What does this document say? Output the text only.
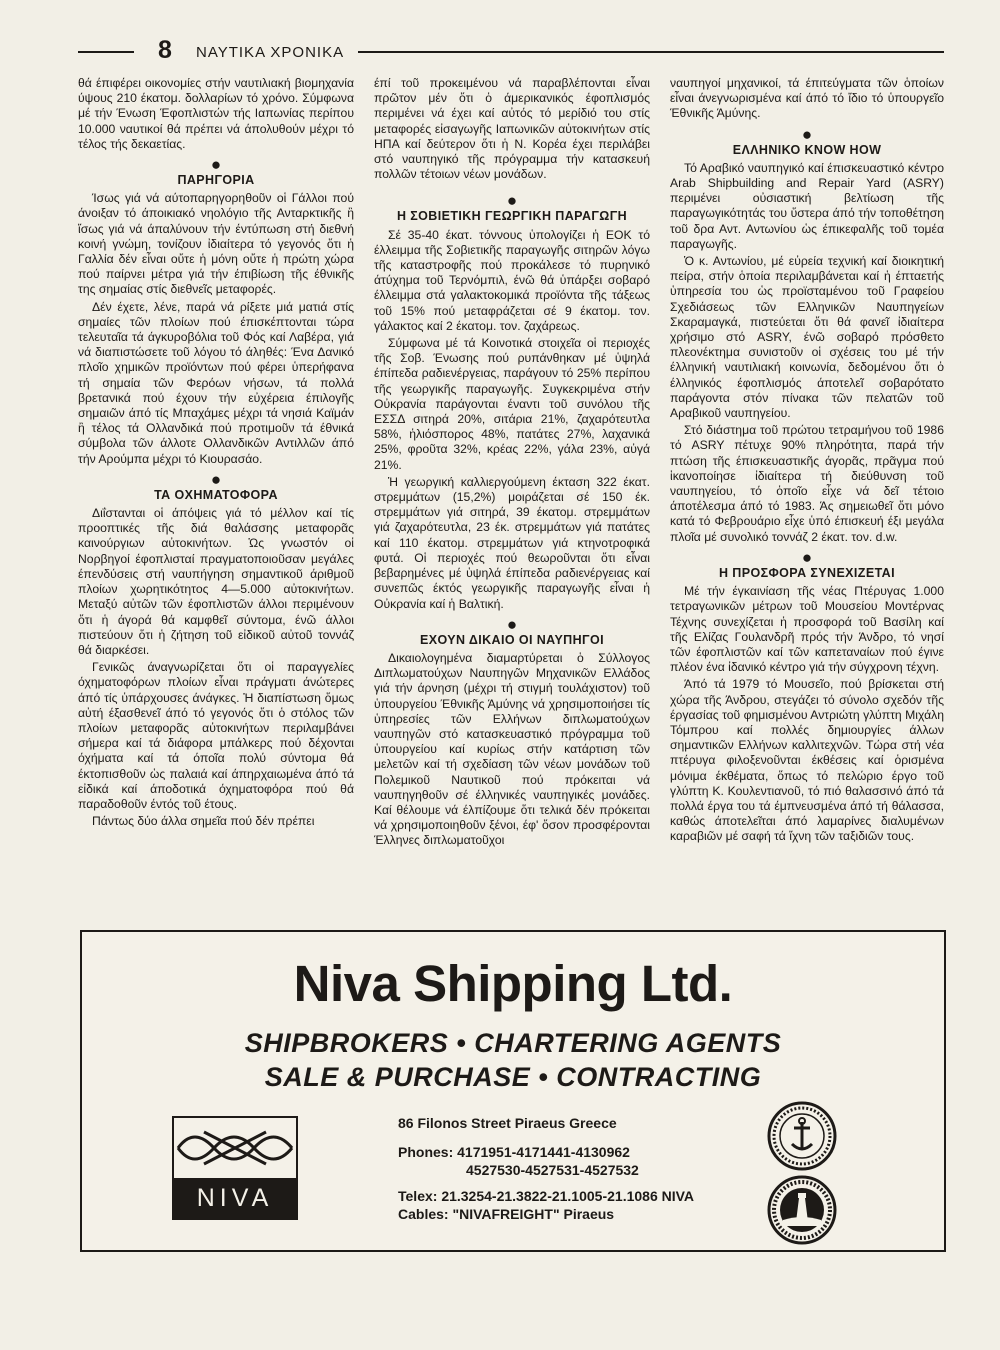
8 ΝΑΥΤΙΚΑ ΧΡΟΝΙΚΑ

θά έπιφέρει οικονομίες στήν ναυτιλιακή βιομηχανία ύψους 210 έκατομ. δολλαρίων τό χρόνο. Σύμφωνα μέ τήν Ένωση Έφοπλιστών τής Ιαπωνίας περίπου 10.000 ναυτικοί θά πρέπει νά άπολυθούν μέχρι τό τέλος τής δεκαετίας.

●
ΠΑΡΗΓΟΡΙΑ

Ίσως γιά νά αύτοπαρηγορηθοῦν οἱ Γάλλοι πού άνοιξαν τό άποικιακό νηολόγιο τῆς Ανταρκτικῆς ἢ ἴσως γιά νά άπαλύνουν τήν έντύπωση στή διεθνή κοινή γνώμη, τονίζουν ἰδιαίτερα τό γεγονός ὅτι ἡ Γαλλία δέν εἶναι οὔτε ἡ μόνη οὔτε ἡ πρώτη χώρα πού παίρνει μέτρα γιά τήν έπιβίωση τῆς έθνικῆς της σημαίας στίς διεθνεῖς μεταφορές.

Δέν έχετε, λένε, παρά νά ρίξετε μιά ματιά στίς σημαίες τῶν πλοίων πού έπισκέπτονται τώρα τελευταῖα τά άγκυροβόλια τοῦ Φός καί Λαβέρα, γιά νά διαπιστώσετε τοῦ λόγου τό άληθές: Ένα Δανικό πλοῖο χημικῶν προϊόντων πού φέρει ὑπερήφανα τή σημαία τῶν Φερόων νήσων, τά πολλά βρετανικά πού έχουν τήν εὐχέρεια έπιλογῆς σημαιῶν άπό τίς Μπαχάμες μέχρι τά νησιά Καϊμάν ἢ τέλος τά Ολλανδικά πού προτιμοῦν τά έθνικά σύμβολα τῶν άλλοτε Ολλανδικῶν Αντιλλῶν άπό τήν Αρούμπα μέχρι τό Κιουρασάο.

●
ΤΑ ΟΧΗΜΑΤΟΦΟΡΑ

Διΐστανται οἱ άπόψεις γιά τό μέλλον καί τίς προοπτικές τῆς διά θαλάσσης μεταφορᾶς καινούργιων αὐτοκινήτων. Ὡς γνωστόν οἱ Νορβηγοί έφοπλισταί πραγματοποιοῦσαν μεγάλες έπενδύσεις στή ναυπήγηση σημαντικοῦ άριθμοῦ πλοίων χωρητικότητος 4—5.000 αὐτοκινήτων. Μεταξύ αὐτῶν τῶν έφοπλιστῶν άλλοι περιμένουν ὅτι ἡ άγορά θά καμφθεῖ σύντομα, ένῶ άλλοι πιστεύουν ὅτι ἡ ζήτηση τοῦ εἰδικοῦ αὐτοῦ τοννάζ θά διαρκέσει.

Γενικῶς άναγνωρίζεται ὅτι οἱ παραγγελίες όχηματοφόρων πλοίων εἶναι πράγματι άνώτερες άπό τίς ὑπάρχουσες άνάγκες. Ἡ διαπίστωση ὅμως αὐτή έξασθενεῖ άπό τό γεγονός ὅτι ὁ στόλος τῶν πλοίων μεταφορᾶς αὐτοκινήτων περιλαμβάνει σήμερα καί τά διάφορα μπάλκερς πού δέχονται όχήματα καί τά όποῖα πολύ σύντομα θά έκτοπισθοῦν ὡς παλαιά καί άπηρχαιωμένα άπό τά εἰδικά καί άποδοτικά όχηματοφόρα πού θά παραδοθοῦν έντός τοῦ έτους.

Πάντως δύο άλλα σημεῖα πού δέν πρέπει

έπί τοῦ προκειμένου νά παραβλέπονται εἶναι πρῶτον μέν ὅτι ὁ άμερικανικός έφοπλισμός περιμένει νά έχει καί αὐτός τό μερίδιό του στίς μεταφορές εἰσαγωγῆς Ιαπωνικῶν αὐτοκινήτων στίς ΗΠΑ καί δεύτερον ὅτι ἡ Ν. Κορέα έχει περιλάβει στό ναυπηγικό τῆς πρόγραμμα τήν κατασκευή πολλῶν τέτοιων νέων μονάδων.

●
Η ΣΟΒΙΕΤΙΚΗ ΓΕΩΡΓΙΚΗ ΠΑΡΑΓΩΓΗ

Σέ 35-40 έκατ. τόννους ὑπολογίζει ἡ ΕΟΚ τό έλλειμμα τῆς Σοβιετικῆς παραγωγῆς σιτηρῶν λόγω τῆς καταστροφῆς πού προκάλεσε τό πυρηνικό άτύχημα τοῦ Τερνόμπιλ, ένῶ θά ὑπάρξει σοβαρό έλλειμμα στά γαλακτοκομικά προϊόντα τῆς τάξεως τοῦ 15% πού μεταφράζεται σέ 9 έκατομ. τον. γάλακτος καί 2 έκατομ. τον. ζαχάρεως.

Σύμφωνα μέ τά Κοινοτικά στοιχεῖα οἱ περιοχές τῆς Σοβ. Ένωσης πού ρυπάνθηκαν μέ ὑψηλά έπίπεδα ραδιενέργειας, παράγουν τό 25% περίπου τῆς γεωργικῆς παραγωγῆς. Συγκεκριμένα στήν Οὐκρανία παράγονται έναντι τοῦ συνόλου τῆς ΕΣΣΔ σιτηρά 20%, σιτάρια 21%, ζαχαρότευτλα 58%, ἡλιόσπορος 48%, πατάτες 27%, λαχανικά 25%, φροῦτα 32%, κρέας 22%, γάλα 23%, αὐγά 21%.

Ἡ γεωργική καλλιεργούμενη έκταση 322 έκατ. στρεμμάτων (15,2%) μοιράζεται σέ 150 έκ. στρεμμάτων γιά σιτηρά, 39 έκατομ. στρεμμάτων γιά ζαχαρότευτλα, 23 έκ. στρεμμάτων γιά πατάτες καί 110 έκατομ. στρεμμάτων γιά κτηνοτροφικά φυτά. Οἱ περιοχές πού θεωροῦνται ὅτι εἶναι βεβαρημένες μέ ὑψηλά έπίπεδα ραδιενέργειας καί συνεπῶς έκτός γεωργικῆς παραγωγῆς εἶναι ἡ Οὐκρανία καί ἡ Βαλτική.

●
ΕΧΟΥΝ ΔΙΚΑΙΟ ΟΙ ΝΑΥΠΗΓΟΙ

Δικαιολογημένα διαμαρτύρεται ὁ Σύλλογος Διπλωματούχων Ναυπηγῶν Μηχανικῶν Ελλάδος γιά τήν άρνηση (μέχρι τή στιγμή τουλάχιστον) τοῦ ὑπουργείου Έθνικῆς Άμύνης νά χρησιμοποιήσει τίς ὑπηρεσίες τῶν Ελλήνων διπλωματούχων ναυπηγῶν στό κατασκευαστικό πρόγραμμα τοῦ ὑπουργείου καί κυρίως στήν κατάρτιση τῶν μελετῶν καί τή σχεδίαση τῶν νέων μονάδων τοῦ Πολεμικοῦ Ναυτικοῦ πού πρόκειται νά ναυπηγηθοῦν σέ έλληνικές ναυπηγικές μονάδες. Καί θέλουμε νά έλπίζουμε ὅτι τελικά δέν πρόκειται νά χρησιμοποιηθοῦν ξένοι, έφ' ὅσον προσφέρονται Έλληνες διπλωματοῦχοι

ναυπηγοί μηχανικοί, τά έπιτεύγματα τῶν ὁποίων εἶναι άνεγνωρισμένα καί άπό τό ἴδιο τό ὑπουργεῖο Έθνικῆς Άμύνης.

●
ΕΛΛΗΝΙΚΟ KNOW HOW

Τό Αραβικό ναυπηγικό καί έπισκευαστικό κέντρο Arab Shipbuilding and Repair Yard (ASRY) περιμένει οὐσιαστική βελτίωση τῆς παραγωγικότητάς του ὕστερα άπό τήν τοποθέτηση τοῦ δρα Αντ. Αντωνίου ὡς έπικεφαλῆς τοῦ τομέα παραγωγῆς.

Ὁ κ. Αντωνίου, μέ εὐρεία τεχνική καί διοικητική πείρα, στήν ὁποία περιλαμβάνεται καί ἡ έπταετής ὑπηρεσία του ὡς προϊσταμένου τοῦ Γραφείου Σχεδιάσεως τῶν Ελληνικῶν Ναυπηγείων Σκαραμαγκά, πιστεύεται ὅτι θά φανεῖ ἰδιαίτερα χρήσιμο στό ASRY, ένῶ σοβαρό πρόσθετο πλεονέκτημα συνιστοῦν οἱ σχέσεις του μέ τήν έλληνική ναυτιλιακή κοινωνία, δεδομένου ὅτι ὁ έλληνικός έφοπλισμός άποτελεῖ σοβαρότατο παράγοντα στόν πίνακα τῶν πελατῶν τοῦ Αραβικοῦ ναυπηγείου.

Στό διάστημα τοῦ πρώτου τετραμήνου τοῦ 1986 τό ASRY πέτυχε 90% πληρότητα, παρά τήν πτώση τῆς έπισκευαστικῆς άγορᾶς, πρᾶγμα πού ἱκανοποίησε ἰδιαίτερα τή διεύθυνση τοῦ ναυπηγείου, τό ὁποῖο εἶχε νά δεῖ τέτοιο άποτέλεσμα άπό τό 1983. Άς σημειωθεῖ ὅτι μόνο κατά τό Φεβρουάριο εἶχε ὑπό έπισκευή έξι μεγάλα πλοῖα μέ συνολικό τοννάζ 2 έκατ. τον. d.w.

●
Η ΠΡΟΣΦΟΡΑ ΣΥΝΕΧΙΖΕΤΑΙ

Μέ τήν έγκαινίαση τῆς νέας Πτέρυγας 1.000 τετραγωνικῶν μέτρων τοῦ Μουσείου Μοντέρνας Τέχνης συνεχίζεται ἡ προσφορά τοῦ Βασίλη καί τῆς Ελίζας Γουλανδρῆ πρός τήν Άνδρο, τό νησί τῶν έφοπλιστῶν καί τῶν καπεταναίων πού έγινε πλέον ένα ἰδανικό κέντρο γιά τήν σύγχρονη τέχνη.

Άπό τά 1979 τό Μουσεῖο, πού βρίσκεται στή χώρα τῆς Άνδρου, στεγάζει τό σύνολο σχεδόν τῆς έργασίας τοῦ φημισμένου Αντριώτη γλύπτη Μιχάλη Τόμπρου καί πολλές δημιουργίες άλλων σημαντικῶν Ελλήνων καλλιτεχνῶν. Τώρα στή νέα πτέρυγα φιλοξενοῦνται έκθέσεις καί ὁρισμένα μόνιμα έκθέματα, ὅπως τό πελώριο έργο τοῦ γλύπτη Κ. Κουλεντιανοῦ, τό πιό θαλασσινό άπό τά πολλά έργα του τά έμπνευσμένα άπό τή θάλασσα, καθώς άποτελεῖται άπό λαμαρίνες διαλυμένων καραβιῶν μέ σαφή τά ἴχνη τῶν ταξιδιῶν τους.

Niva Shipping Ltd.
SHIPBROKERS • CHARTERING AGENTS
SALE & PURCHASE • CONTRACTING
NIVA
86 Filonos Street Piraeus Greece
Phones: 4171951-4171441-4130962
4527530-4527531-4527532
Telex: 21.3254-21.3822-21.1005-21.1086 NIVA
Cables: "NIVAFREIGHT" Piraeus
